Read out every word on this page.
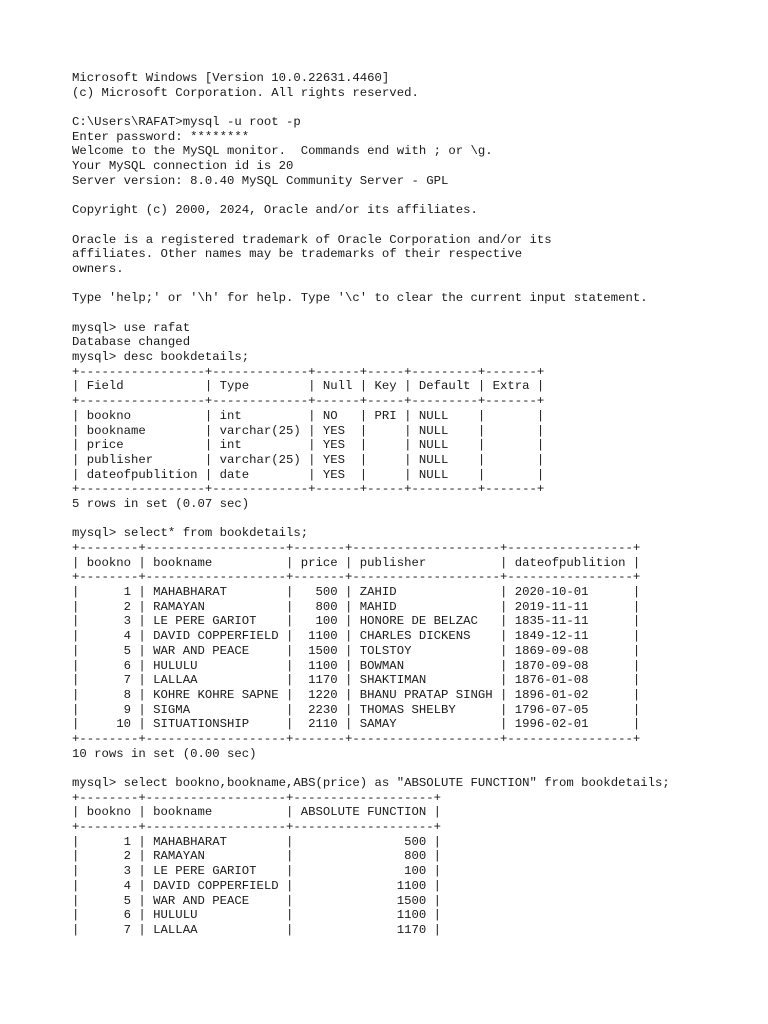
Microsoft Windows [Version 10.0.22631.4460]
(c) Microsoft Corporation. All rights reserved.
C:\Users\RAFAT>mysql -u root -p
Enter password: ********
Welcome to the MySQL monitor.  Commands end with ; or \g.
Your MySQL connection id is 20
Server version: 8.0.40 MySQL Community Server - GPL
Copyright (c) 2000, 2024, Oracle and/or its affiliates.
Oracle is a registered trademark of Oracle Corporation and/or its
affiliates. Other names may be trademarks of their respective
owners.
Type 'help;' or '\h' for help. Type '\c' to clear the current input statement.
mysql> use rafat
Database changed
mysql> desc bookdetails;
+-----------------+-------------+------+-----+---------+-------+
| Field           | Type        | Null | Key | Default | Extra |
+-----------------+-------------+------+-----+---------+-------+
| bookno          | int         | NO   | PRI | NULL    |       |
| bookname        | varchar(25) | YES  |     | NULL    |       |
| price           | int         | YES  |     | NULL    |       |
| publisher       | varchar(25) | YES  |     | NULL    |       |
| dateofpublition | date        | YES  |     | NULL    |       |
+-----------------+-------------+------+-----+---------+-------+
5 rows in set (0.07 sec)
mysql> select* from bookdetails;
+--------+-------------------+-------+--------------------+-----------------+
| bookno | bookname          | price | publisher          | dateofpublition |
+--------+-------------------+-------+--------------------+-----------------+
|      1 | MAHABHARAT        |   500 | ZAHID              | 2020-10-01      |
|      2 | RAMAYAN           |   800 | MAHID              | 2019-11-11      |
|      3 | LE PERE GARIOT    |   100 | HONORE DE BELZAC   | 1835-11-11      |
|      4 | DAVID COPPERFIELD |  1100 | CHARLES DICKENS    | 1849-12-11      |
|      5 | WAR AND PEACE     |  1500 | TOLSTOY            | 1869-09-08      |
|      6 | HULULU            |  1100 | BOWMAN             | 1870-09-08      |
|      7 | LALLAA            |  1170 | SHAKTIMAN          | 1876-01-08      |
|      8 | KOHRE KOHRE SAPNE |  1220 | BHANU PRATAP SINGH | 1896-01-02      |
|      9 | SIGMA             |  2230 | THOMAS SHELBY      | 1796-07-05      |
|     10 | SITUATIONSHIP     |  2110 | SAMAY              | 1996-02-01      |
+--------+-------------------+-------+--------------------+-----------------+
10 rows in set (0.00 sec)
mysql> select bookno,bookname,ABS(price) as "ABSOLUTE FUNCTION" from bookdetails;
+--------+-------------------+-------------------+
| bookno | bookname          | ABSOLUTE FUNCTION |
+--------+-------------------+-------------------+
|      1 | MAHABHARAT        |               500 |
|      2 | RAMAYAN           |               800 |
|      3 | LE PERE GARIOT    |               100 |
|      4 | DAVID COPPERFIELD |              1100 |
|      5 | WAR AND PEACE     |              1500 |
|      6 | HULULU            |              1100 |
|      7 | LALLAA            |              1170 |
